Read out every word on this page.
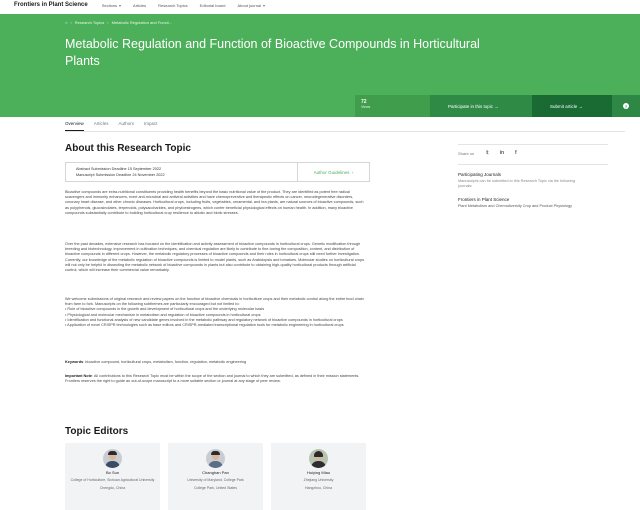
Frontiers in Plant Science	Sections ▾	Articles	Research Topics	Editorial board	About journal ▾
⌂ › Research Topics › Metabolic Regulation and Functi...
Metabolic Regulation and Function of Bioactive Compounds in Horticultural Plants
72
Views	Participate in this topic →	Submit article →	?
Overview Articles Authors Impact
About this Research Topic
Abstract Submission Deadline 15 September 2022
Manuscript Submission Deadline 24 November 2022	Author Guidelines ›

Bioactive compounds are extra-nutritional constituents providing health benefits beyond the basic nutritional value of the product. They are identified as potent free radical scavengers and immunity enhancers, exert anti-microbial and antiviral activities and have chemopreventive and therapeutic effects on cancer, neurodegenerative disorders, coronary heart disease, and other chronic diseases. Horticultural crops, including fruits, vegetables, ornamental, and tea plants, are natural sources of bioactive compounds, such as polyphenols, glucosinolates, terpenoids, polysaccharides, and phytoestrogens, which confer beneficial physiological effects on human health. In addition, many bioactive compounds substantially contribute to building horticultural crop resilience to abiotic and biotic stresses.

Over the past decades, extensive research has focused on the identification and activity assessment of bioactive compounds in horticultural crops. Genetic modification through breeding and biotechnology, improvement in cultivation techniques, and chemical regulation are likely to contribute to fine-tuning the composition, content, and distribution of bioactive compounds in different crops. However, the metabolic regulatory processes of bioactive compounds and their roles in horticultural crops still need further investigation. Currently, our knowledge of the metabolic regulation of bioactive compounds is limited to model plants, such as Arabidopsis and tomatoes. Molecular studies on horticultural crops will not only be helpful in dissecting the metabolic network of bioactive compounds in plants but also contribute to obtaining high-quality horticultural products through artificial control, which will increase their commercial value remarkably.

We welcome submissions of original research and review papers on the function of bioactive chemicals in horticulture crops and their metabolic control along the entire food chain from farm to fork. Manuscripts on the following subthemes are particularly encouraged but not limited to:
• Role of bioactive compounds in the growth and development of horticultural crops and the underlying molecular basis
• Physiological and molecular mechanism in metabolism and regulation of bioactive compounds in horticultural crops
• Identification and functional analysis of new candidate genes involved in the metabolic pathway and regulatory network of bioactive compounds in horticultural crops
• Application of novel CRISPR technologies such as base editors and CRISPR-mediated transcriptional regulation tools for metabolic engineering in horticultural crops

Keywords: bioactive compound, horticultural crops, metabolism, function, regulation, metabolic engineering

Important Note: All contributions to this Research Topic must be within the scope of the section and journal to which they are submitted, as defined in their mission statements. Frontiers reserves the right to guide an out-of-scope manuscript to a more suitable section or journal at any stage of peer review.

Share on 𝕥 in f
Participating Journals
Manuscripts can be submitted to this Research Topic via the following journals:
Frontiers in Plant Science
Plant Metabolism and Chemodiversity Crop and Product Physiology
Topic Editors
Bo Sun
College of Horticulture, Sichuan Agricultural University
Chengdu, China
Changhan Pan
University of Maryland, College Park
College Park, United States
Huiying Miao
Zhejiang University
Hangzhou, China
